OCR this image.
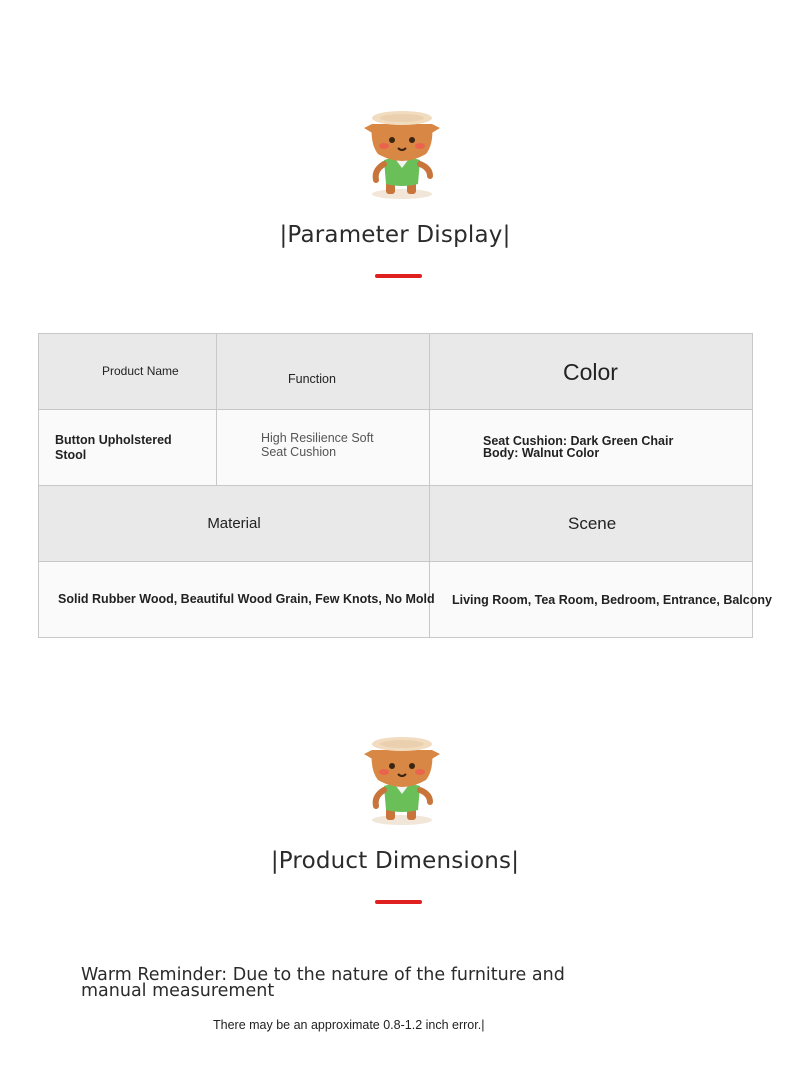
|Parameter Display|
Product Name	Function	Color

Button Upholstered Stool	High Resilience Soft Seat Cushion	Seat Cushion: Dark Green Chair
Body: Walnut Color

Material		Scene

Solid Rubber Wood, Beautiful Wood Grain, Few Knots, No Mold		Living Room, Tea Room, Bedroom, Entrance, Balcony
|Product Dimensions|
Warm Reminder: Due to the nature of the furniture and manual measurement
There may be an approximate 0.8-1.2 inch error.|
